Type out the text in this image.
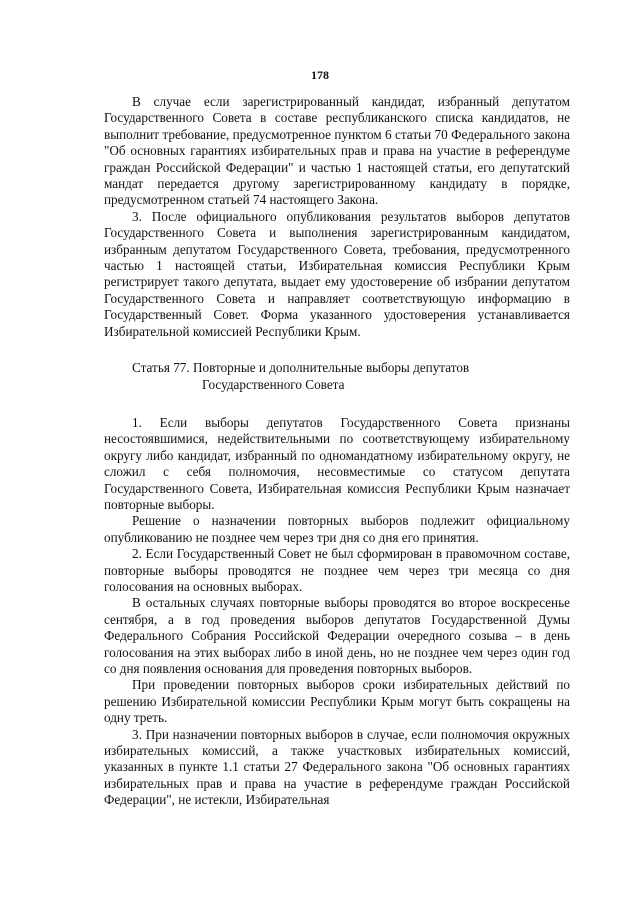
178

В случае если зарегистрированный кандидат, избранный депутатом Государственного Совета в составе республиканского списка кандидатов, не выполнит требование, предусмотренное пунктом 6 статьи 70 Федерального закона "Об основных гарантиях избирательных прав и права на участие в референдуме граждан Российской Федерации" и частью 1 настоящей статьи, его депутатский мандат передается другому зарегистрированному кандидату в порядке, предусмотренном статьей 74 настоящего Закона.

3. После официального опубликования результатов выборов депутатов Государственного Совета и выполнения зарегистрированным кандидатом, избранным депутатом Государственного Совета, требования, предусмотренного частью 1 настоящей статьи, Избирательная комиссия Республики Крым регистрирует такого депутата, выдает ему удостоверение об избрании депутатом Государственного Совета и направляет соответствующую информацию в Государственный Совет. Форма указанного удостоверения устанавливается Избирательной комиссией Республики Крым.

Статья 77. Повторные и дополнительные выборы депутатов
Государственного Совета

1. Если выборы депутатов Государственного Совета признаны несостоявшимися, недействительными по соответствующему избирательному округу либо кандидат, избранный по одномандатному избирательному округу, не сложил с себя полномочия, несовместимые со статусом депутата Государственного Совета, Избирательная комиссия Республики Крым назначает повторные выборы.

Решение о назначении повторных выборов подлежит официальному опубликованию не позднее чем через три дня со дня его принятия.

2. Если Государственный Совет не был сформирован в правомочном составе, повторные выборы проводятся не позднее чем через три месяца со дня голосования на основных выборах.

В остальных случаях повторные выборы проводятся во второе воскресенье сентября, а в год проведения выборов депутатов Государственной Думы Федерального Собрания Российской Федерации очередного созыва – в день голосования на этих выборах либо в иной день, но не позднее чем через один год со дня появления основания для проведения повторных выборов.

При проведении повторных выборов сроки избирательных действий по решению Избирательной комиссии Республики Крым могут быть сокращены на одну треть.

3. При назначении повторных выборов в случае, если полномочия окружных избирательных комиссий, а также участковых избирательных комиссий, указанных в пункте 1.1 статьи 27 Федерального закона "Об основных гарантиях избирательных прав и права на участие в референдуме граждан Российской Федерации", не истекли, Избирательная
